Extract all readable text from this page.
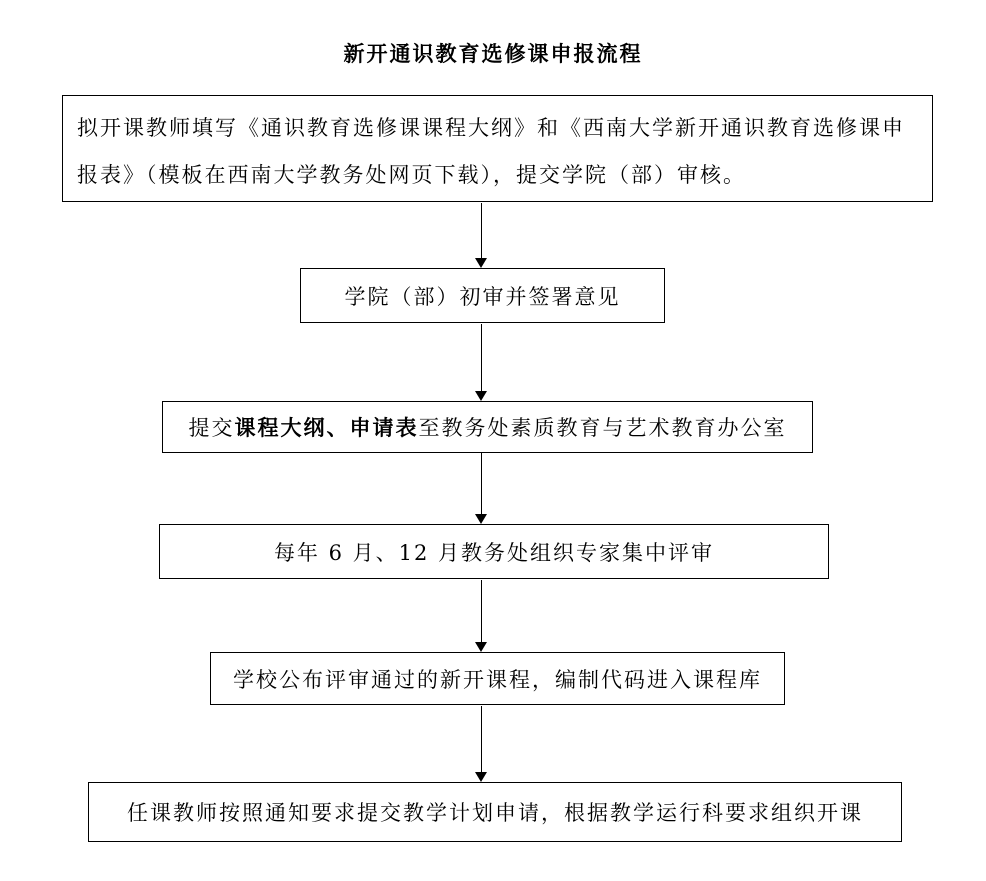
新开通识教育选修课申报流程
拟开课教师填写《通识教育选修课课程大纲》和《西南大学新开通识教育选修课申
报表》（模板在西南大学教务处网页下载），提交学院（部）审核。
学院（部）初审并签署意见
提交课程大纲、申请表至教务处素质教育与艺术教育办公室
每年 6 月、12 月教务处组织专家集中评审
学校公布评审通过的新开课程，编制代码进入课程库
任课教师按照通知要求提交教学计划申请，根据教学运行科要求组织开课
